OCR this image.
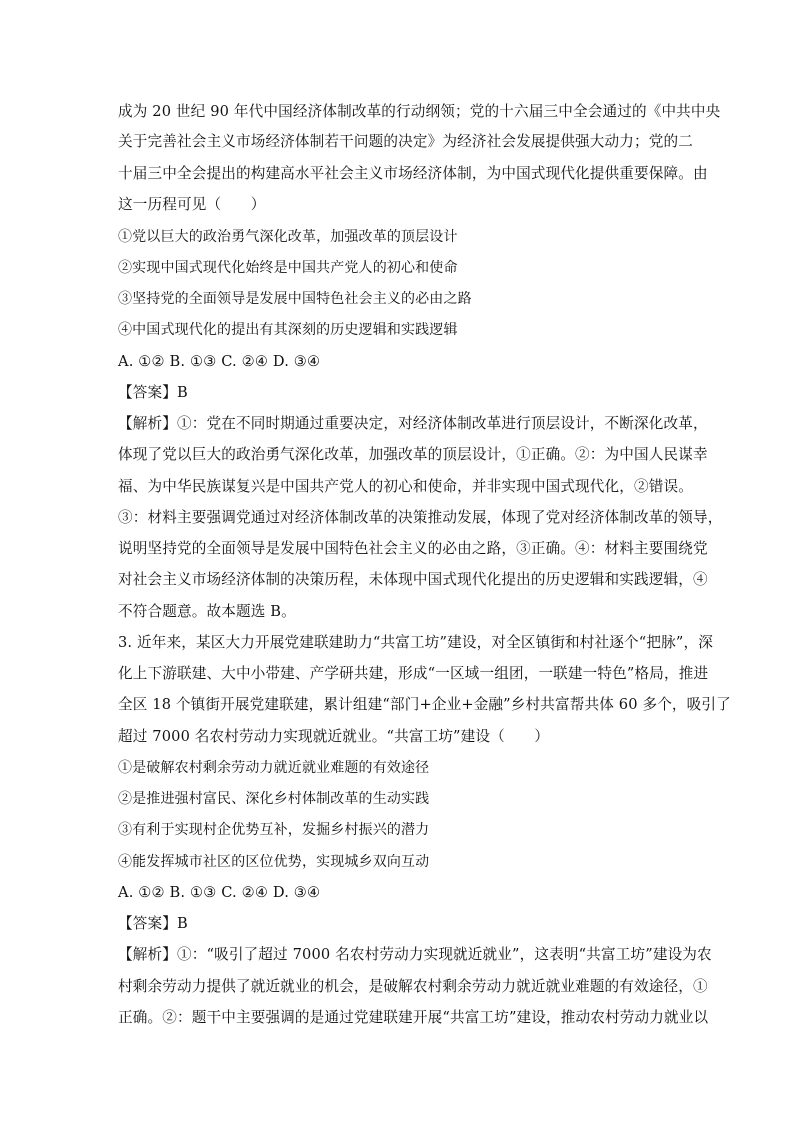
成为 20 世纪 90 年代中国经济体制改革的行动纲领；党的十六届三中全会通过的《中共中央
关于完善社会主义市场经济体制若干问题的决定》为经济社会发展提供强大动力；党的二
十届三中全会提出的构建高水平社会主义市场经济体制，为中国式现代化提供重要保障。由
这一历程可见（　　）
①党以巨大的政治勇气深化改革，加强改革的顶层设计
②实现中国式现代化始终是中国共产党人的初心和使命
③坚持党的全面领导是发展中国特色社会主义的必由之路
④中国式现代化的提出有其深刻的历史逻辑和实践逻辑
A. ①② B. ①③ C. ②④ D. ③④
【答案】B
【解析】①：党在不同时期通过重要决定，对经济体制改革进行顶层设计，不断深化改革，
体现了党以巨大的政治勇气深化改革，加强改革的顶层设计，①正确。②：为中国人民谋幸
福、为中华民族谋复兴是中国共产党人的初心和使命，并非实现中国式现代化，②错误。
③：材料主要强调党通过对经济体制改革的决策推动发展，体现了党对经济体制改革的领导，
说明坚持党的全面领导是发展中国特色社会主义的必由之路，③正确。④：材料主要围绕党
对社会主义市场经济体制的决策历程，未体现中国式现代化提出的历史逻辑和实践逻辑，④
不符合题意。故本题选 B。
3. 近年来，某区大力开展党建联建助力“共富工坊”建设，对全区镇街和村社逐个“把脉”，深
化上下游联建、大中小带建、产学研共建，形成“一区域一组团，一联建一特色”格局，推进
全区 18 个镇街开展党建联建，累计组建“部门+企业+金融”乡村共富帮共体 60 多个，吸引了
超过 7000 名农村劳动力实现就近就业。“共富工坊”建设（　　）
①是破解农村剩余劳动力就近就业难题的有效途径
②是推进强村富民、深化乡村体制改革的生动实践
③有利于实现村企优势互补，发掘乡村振兴的潜力
④能发挥城市社区的区位优势，实现城乡双向互动
A. ①② B. ①③ C. ②④ D. ③④
【答案】B
【解析】①：“吸引了超过 7000 名农村劳动力实现就近就业”，这表明“共富工坊”建设为农
村剩余劳动力提供了就近就业的机会，是破解农村剩余劳动力就近就业难题的有效途径，①
正确。②：题干中主要强调的是通过党建联建开展“共富工坊”建设，推动农村劳动力就业以
